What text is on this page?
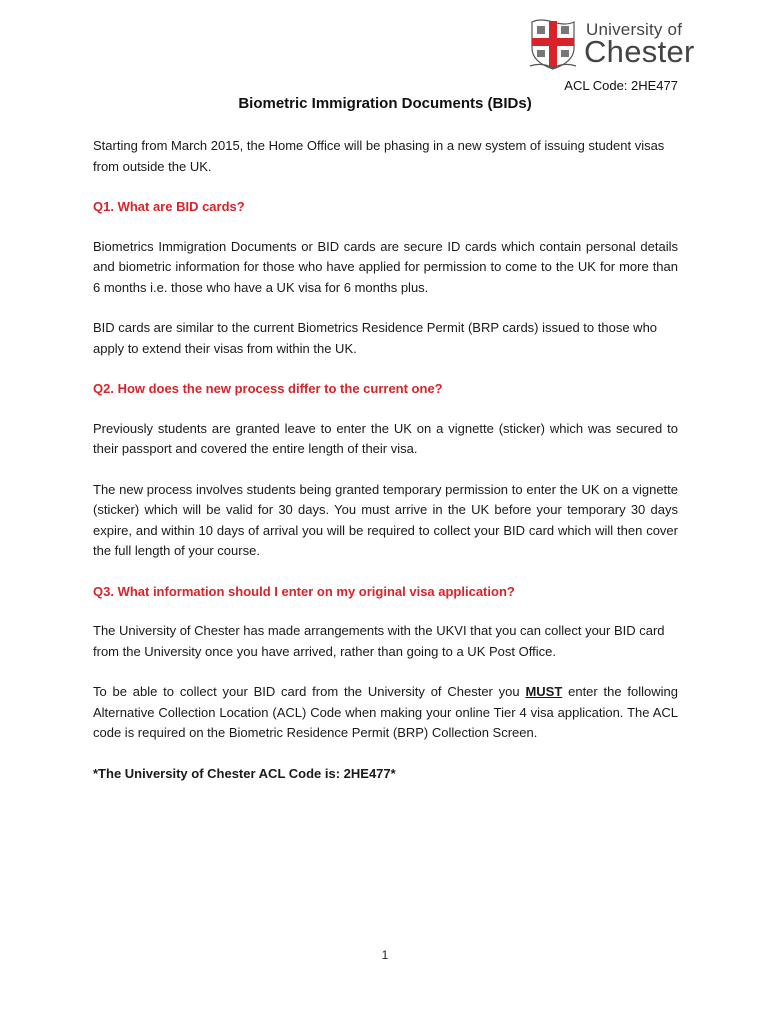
University of
Chester
ACL Code: 2HE477
Biometric Immigration Documents (BIDs)

Starting from March 2015, the Home Office will be phasing in a new system of issuing student visas from outside the UK.

Q1. What are BID cards?

Biometrics Immigration Documents or BID cards are secure ID cards which contain personal details and biometric information for those who have applied for permission to come to the UK for more than 6 months i.e. those who have a UK visa for 6 months plus.

BID cards are similar to the current Biometrics Residence Permit (BRP cards) issued to those who apply to extend their visas from within the UK.

Q2. How does the new process differ to the current one?

Previously students are granted leave to enter the UK on a vignette (sticker) which was secured to their passport and covered the entire length of their visa.

The new process involves students being granted temporary permission to enter the UK on a vignette (sticker) which will be valid for 30 days. You must arrive in the UK before your temporary 30 days expire, and within 10 days of arrival you will be required to collect your BID card which will then cover the full length of your course.

Q3. What information should I enter on my original visa application?

The University of Chester has made arrangements with the UKVI that you can collect your BID card from the University once you have arrived, rather than going to a UK Post Office.

To be able to collect your BID card from the University of Chester you MUST enter the following Alternative Collection Location (ACL) Code when making your online Tier 4 visa application. The ACL code is required on the Biometric Residence Permit (BRP) Collection Screen.

*The University of Chester ACL Code is: 2HE477*

1
